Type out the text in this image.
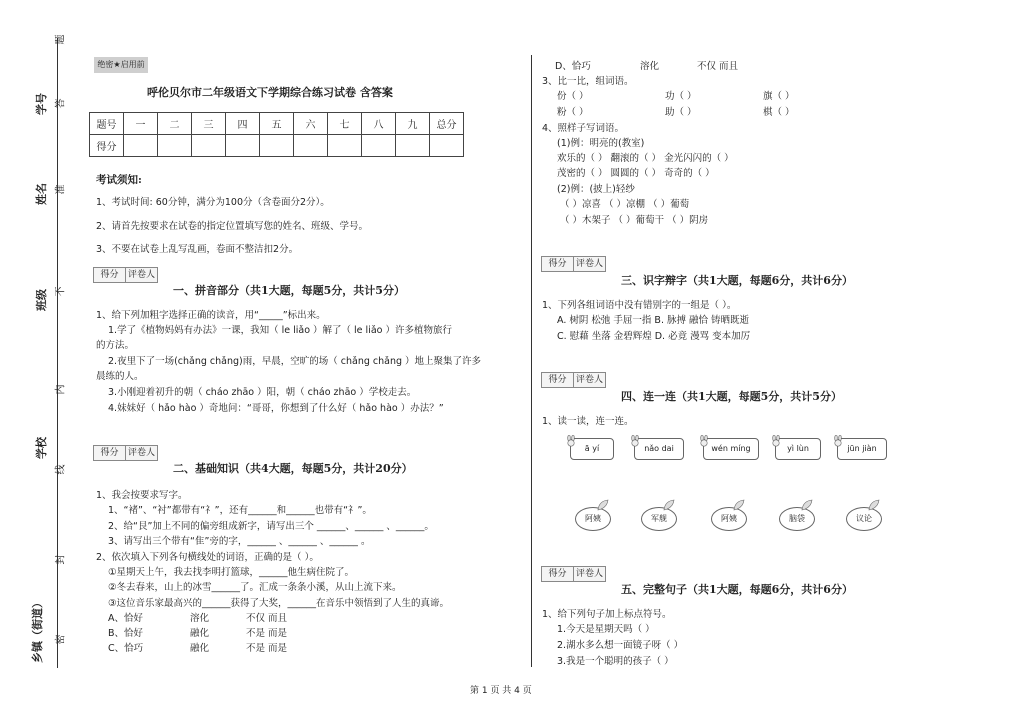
题
答
学号
准
姓名
不
班级
内
学校
线
封
乡镇（街道）	密
绝密★启用前
呼伦贝尔市二年级语文下学期综合练习试卷 含答案
题号	一	二	三	四	五	六	七	八	九	总分
得分										
考试须知:
1、考试时间: 60分钟，满分为100分（含卷面分2分）。
2、请首先按要求在试卷的指定位置填写您的姓名、班级、学号。
3、不要在试卷上乱写乱画，卷面不整洁扣2分。
得分 评卷人
一、拼音部分（共1大题，每题5分，共计5分）
1、给下列加粗字选择正确的读音，用“_____”标出来。
1.学了《植物妈妈有办法》一课，我知（ le liǎo ）解了（ le liǎo ）许多植物旅行
的方法。
2.夜里下了一场(chǎng chǎng)雨，早晨，空旷的场（ chǎng chǎng ）地上聚集了许多
晨练的人。
3.小刚迎着初升的朝（ cháo zhāo ）阳，朝（ cháo zhāo ）学校走去。
4.妹妹好（ hǎo hào ）奇地问：“哥哥，你想到了什么好（ hǎo hào ）办法？”
得分 评卷人
二、基础知识（共4大题，每题5分，共计20分）
1、我会按要求写字。
1、“褚”、“衬”都带有“礻”，还有______和______也带有“礻”。
2、给“艮”加上不同的偏旁组成新字，请写出三个 ______、______ 、______。
3、请写出三个带有“隹”旁的字，______ 、______ 、______ 。
2、依次填入下列各句横线处的词语，正确的是（ ）。
①星期天上午，我去找李明打篮球，______他生病住院了。
②冬去春来，山上的冰雪______了。汇成一条条小溪，从山上流下来。
③这位音乐家最高兴的______获得了大奖，______在音乐中领悟到了人生的真谛。
A、恰好	溶化	不仅 而且
B、恰好	融化	不是 而是
C、恰巧	融化	不是 而是
D、恰巧	溶化	不仅 而且
3、比一比，组词语。
份（ ）	功（ ）	旗（ ）
粉（ ）	助（ ）	棋（ ）
4、照样子写词语。
(1)例：明亮的(教室)
欢乐的（ ） 翻滚的（ ） 金光闪闪的（ ）
茂密的（ ） 圆圆的（ ） 奇奇的（ ）
(2)例：(披上)轻纱
（ ）凉喜 （ ）凉棚 （ ）葡萄
（ ）木架子 （ ）葡萄干 （ ）阴房
得分 评卷人
三、识字辩字（共1大题，每题6分，共计6分）
1、下列各组词语中没有错别字的一组是（ ）。
A. 树阴 松弛 手屈一指 B. 脉搏 融恰 铸晒既逝
C. 慰藉 坐落 金碧辉煌 D. 必竟 漫骂 变本加厉
得分 评卷人
四、连一连（共1大题，每题5分，共计5分）
1、读一读，连一连。
ā yí	nǎo dai	wén míng	yì lùn	jūn jiàn
阿姨	军舰	阿姨	脑袋	议论
得分 评卷人
五、完整句子（共1大题，每题6分，共计6分）
1、给下列句子加上标点符号。
1.今天是星期天吗（ ）
2.湖水多么想一面镜子呀（ ）
3.我是一个聪明的孩子（ ）
第 1 页 共 4 页
